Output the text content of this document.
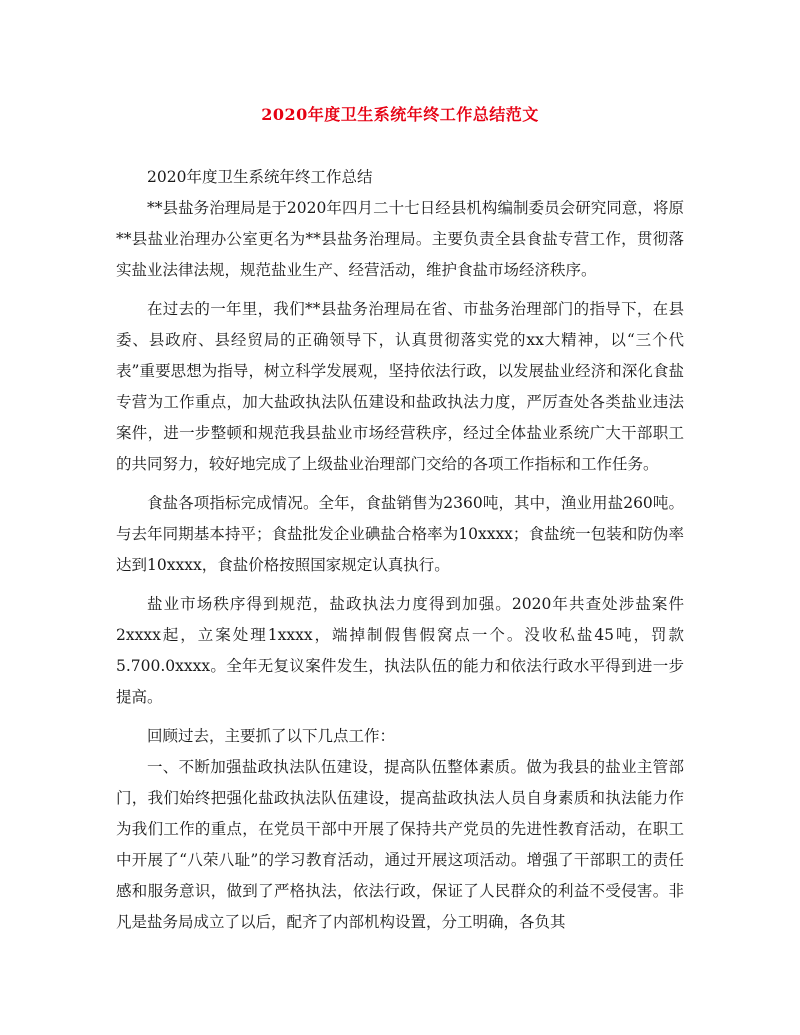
2020年度卫生系统年终工作总结范文

2020年度卫生系统年终工作总结

**县盐务治理局是于2020年四月二十七日经县机构编制委员会研究同意，将原**县盐业治理办公室更名为**县盐务治理局。主要负责全县食盐专营工作，贯彻落实盐业法律法规，规范盐业生产、经营活动，维护食盐市场经济秩序。

在过去的一年里，我们**县盐务治理局在省、市盐务治理部门的指导下，在县委、县政府、县经贸局的正确领导下，认真贯彻落实党的xx大精神，以“三个代表”重要思想为指导，树立科学发展观，坚持依法行政，以发展盐业经济和深化食盐专营为工作重点，加大盐政执法队伍建设和盐政执法力度，严厉查处各类盐业违法案件，进一步整顿和规范我县盐业市场经营秩序，经过全体盐业系统广大干部职工的共同努力，较好地完成了上级盐业治理部门交给的各项工作指标和工作任务。

食盐各项指标完成情况。全年，食盐销售为2360吨，其中，渔业用盐260吨。与去年同期基本持平；食盐批发企业碘盐合格率为10xxxx；食盐统一包装和防伪率达到10xxxx，食盐价格按照国家规定认真执行。

盐业市场秩序得到规范，盐政执法力度得到加强。2020年共查处涉盐案件2xxxx起，立案处理1xxxx，端掉制假售假窝点一个。没收私盐45吨，罚款5.700.0xxxx。全年无复议案件发生，执法队伍的能力和依法行政水平得到进一步提高。

回顾过去，主要抓了以下几点工作：

一、不断加强盐政执法队伍建设，提高队伍整体素质。做为我县的盐业主管部门，我们始终把强化盐政执法队伍建设，提高盐政执法人员自身素质和执法能力作为我们工作的重点，在党员干部中开展了保持共产党员的先进性教育活动，在职工中开展了“八荣八耻”的学习教育活动，通过开展这项活动。增强了干部职工的责任感和服务意识，做到了严格执法，依法行政，保证了人民群众的利益不受侵害。非凡是盐务局成立了以后，配齐了内部机构设置，分工明确，各负其
